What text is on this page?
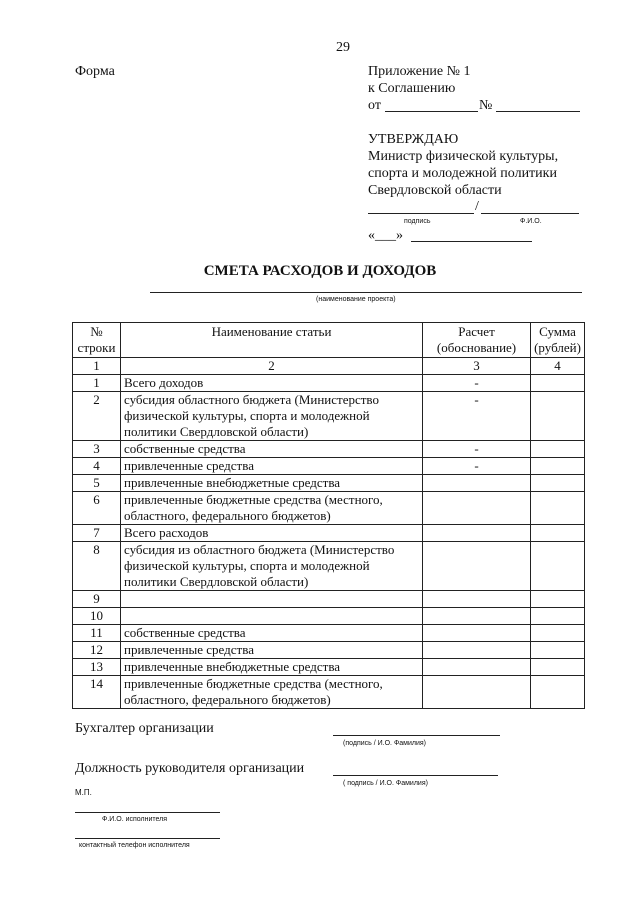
29
Форма	Приложение № 1
к Соглашению
от	№
УТВЕРЖДАЮ
Министр физической культуры,
спорта и молодежной политики
Свердловской области
/
подпись	Ф.И.О.
«___»
СМЕТА РАСХОДОВ И ДОХОДОВ
(наименование проекта)
№
строки	Наименование статьи	Расчет
(обоснование)	Сумма
(рублей)
1	2	3	4
1	Всего доходов	-	
2	субсидия областного бюджета (Министерство физической культуры, спорта и молодежной политики Свердловской области)	-	
3	собственные средства	-	
4	привлеченные средства	-	
5	привлеченные внебюджетные средства		
6	привлеченные бюджетные средства (местного, областного, федерального бюджетов)		
7	Всего расходов		
8	субсидия из областного бюджета (Министерство физической культуры, спорта и молодежной политики Свердловской области)		
9			
10			
11	собственные средства		
12	привлеченные средства		
13	привлеченные внебюджетные средства		
14	привлеченные бюджетные средства (местного, областного, федерального бюджетов)		
Бухгалтер организации
(подпись / И.О. Фамилия)
Должность руководителя организации
( подпись / И.О. Фамилия)
М.П.
Ф.И.О. исполнителя
контактный телефон исполнителя
